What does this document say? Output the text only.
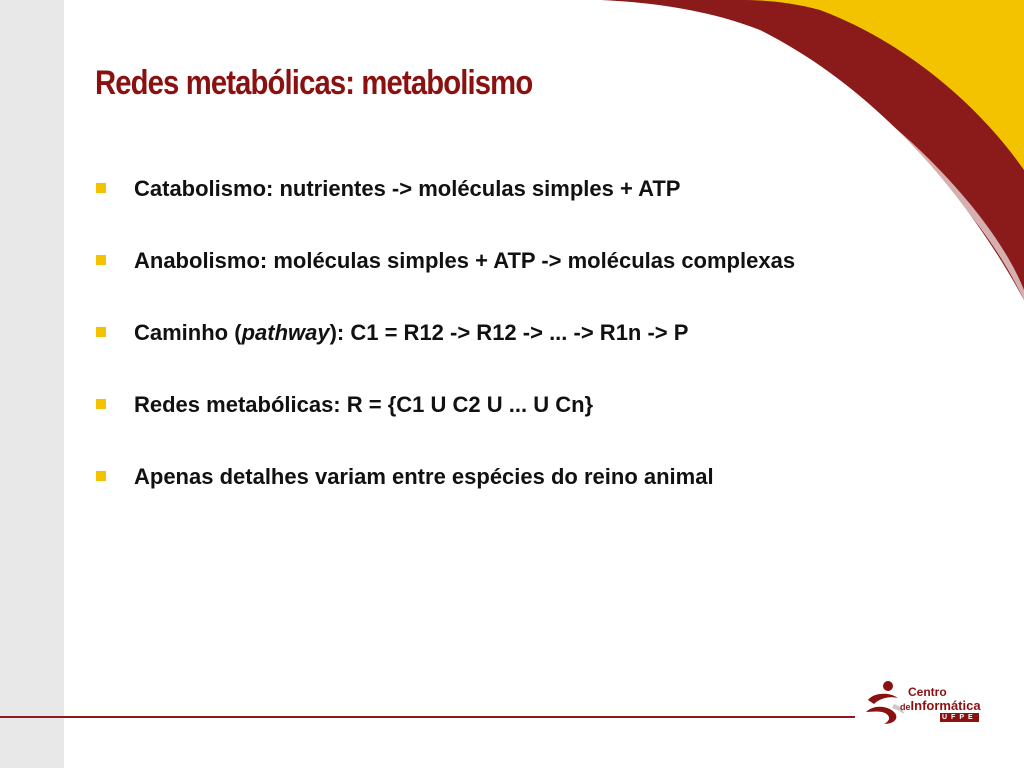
Redes metabólicas: metabolismo
Catabolismo: nutrientes -> moléculas simples + ATP
Anabolismo: moléculas simples + ATP -> moléculas complexas
Caminho (pathway): C1 = R12 -> R12 -> ... -> R1n -> P
Redes metabólicas: R = {C1 U C2 U ... U Cn}
Apenas detalhes variam entre espécies do reino animal
Centro
deInformática
UFPE
